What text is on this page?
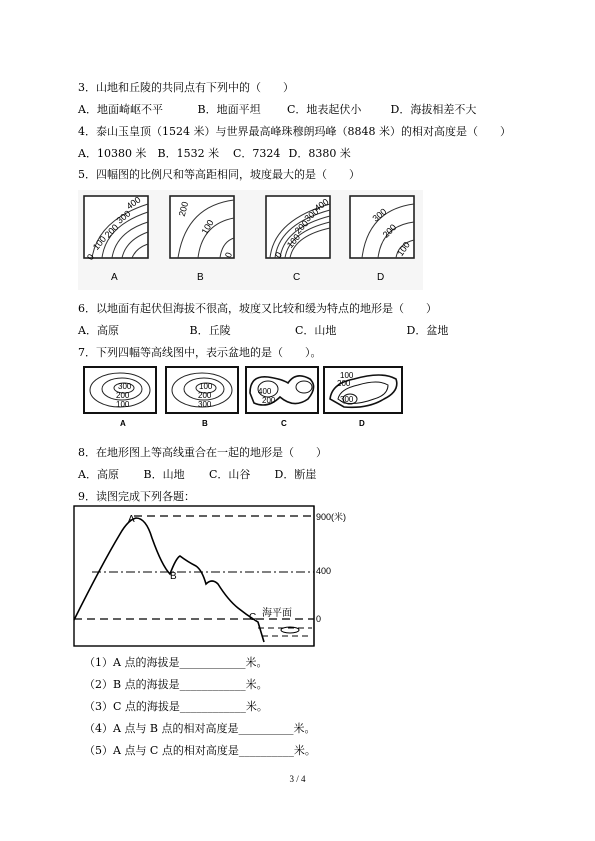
3．山地和丘陵的共同点有下列中的（　　）
A．地面崎岖不平	B．地面平坦 C．地表起伏小	D．海拔相差不大
4．泰山玉皇顶（1524 米）与世界最高峰珠穆朗玛峰（8848 米）的相对高度是（　　）
A．10380 米 B．1532 米 C．7324 D．8380 米
5．四幅图的比例尺和等高距相同，坡度最大的是（　　）
400
300
200
100
0
200
100
0
400
300
200
100
0
300
200
100
A	B	C	D
6．以地面有起伏但海拔不很高，坡度又比较和缓为特点的地形是（　　）
A．高原	B．丘陵	C．山地	D．盆地
7．下列四幅等高线图中，表示盆地的是（　　）。
300
200
100
100
200
300
400
200
100
200
300
A	B	C	D
8．在地形图上等高线重合在一起的地形是（　　）
A．高原 B．山地 C．山谷 D．断崖
9．读图完成下列各题：
A
B
C 海平面
900(米)
400
0
（1）A 点的海拔是____________米。
（2）B 点的海拔是____________米。
（3）C 点的海拔是____________米。
（4）A 点与 B 点的相对高度是__________米。
（5）A 点与 C 点的相对高度是__________米。
3 / 4
